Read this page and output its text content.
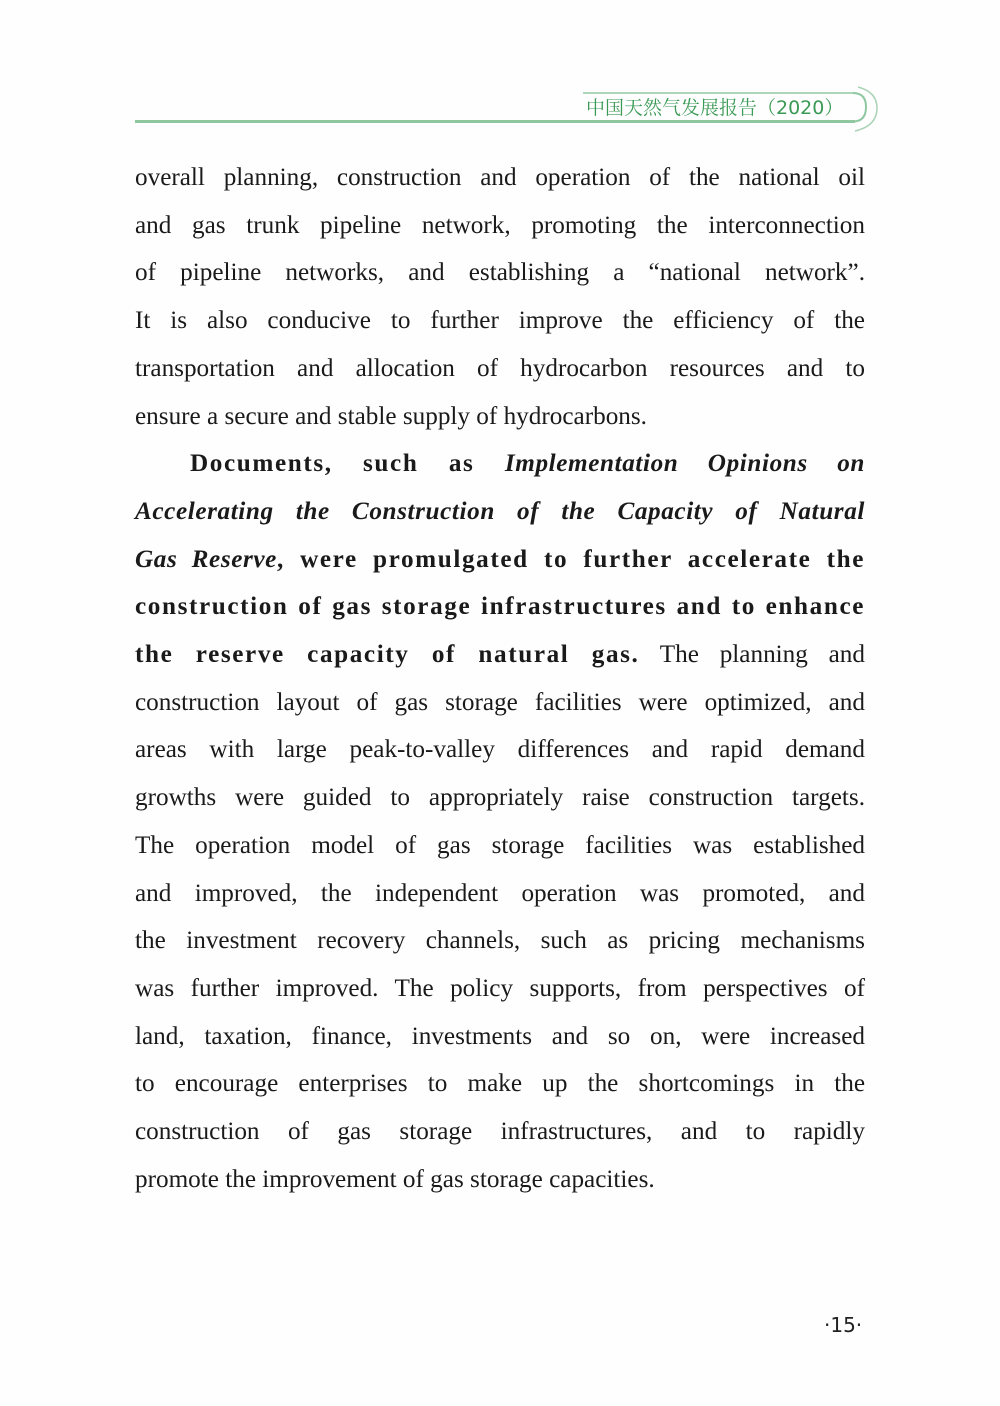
中国天然气发展报告（2020）
overall planning, construction and operation of the national oil
and gas trunk pipeline network, promoting the interconnection
of pipeline networks, and establishing a “national network”.
It is also conducive to further improve the efficiency of the
transportation and allocation of hydrocarbon resources and to
ensure a secure and stable supply of hydrocarbons.
Documents, such as Implementation Opinions on
Accelerating the Construction of the Capacity of Natural
Gas Reserve, were promulgated to further accelerate the
construction of gas storage infrastructures and to enhance
the reserve capacity of natural gas. The planning and
construction layout of gas storage facilities were optimized, and
areas with large peak-to-valley differences and rapid demand
growths were guided to appropriately raise construction targets.
The operation model of gas storage facilities was established
and improved, the independent operation was promoted, and
the investment recovery channels, such as pricing mechanisms
was further improved. The policy supports, from perspectives of
land, taxation, finance, investments and so on, were increased
to encourage enterprises to make up the shortcomings in the
construction of gas storage infrastructures, and to rapidly
promote the improvement of gas storage capacities.
·15·
